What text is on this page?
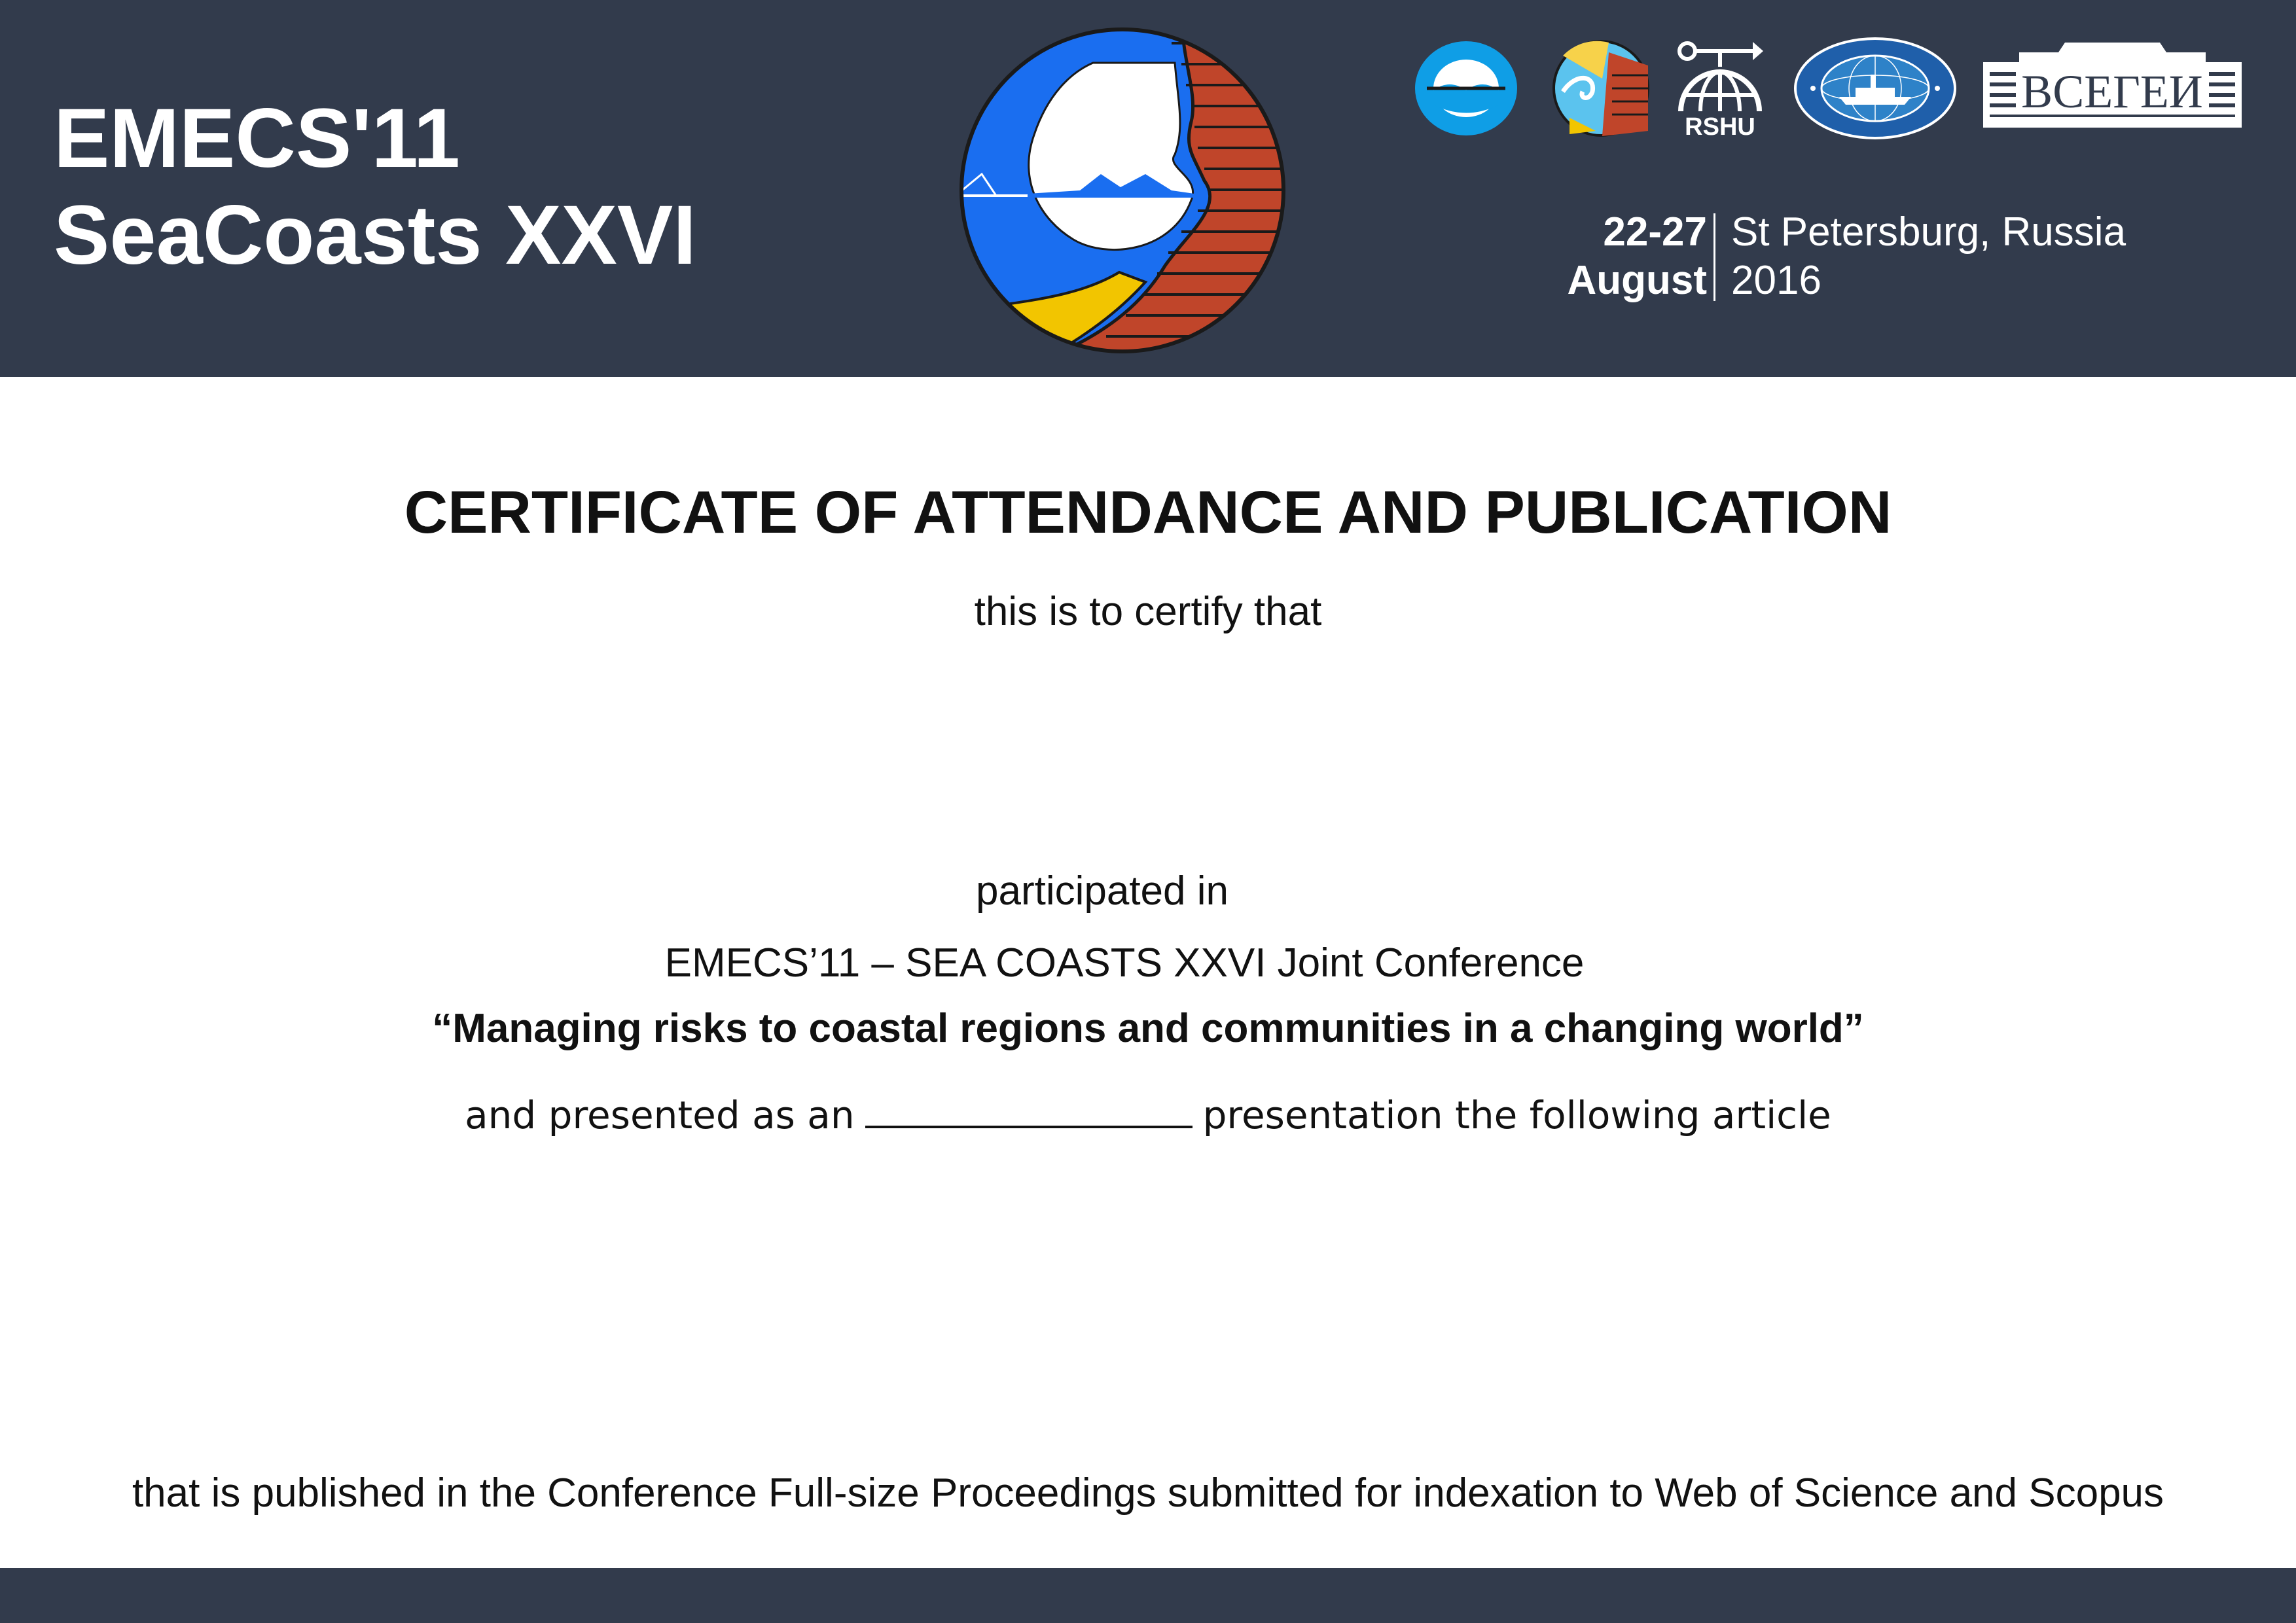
EMECS'11
SeaCoasts XXVI
RSHU
ВСЕГЕИ
22-27
August
St Petersburg, Russia
2016
CERTIFICATE OF ATTENDANCE AND PUBLICATION
this is to certify that
participated in
EMECS’11 – SEA COASTS XXVI Joint Conference
“Managing risks to coastal regions and communities in a changing world”
and presented as an	presentation the following article
that is published in the Conference Full-size Proceedings submitted for indexation to Web of Science and Scopus
